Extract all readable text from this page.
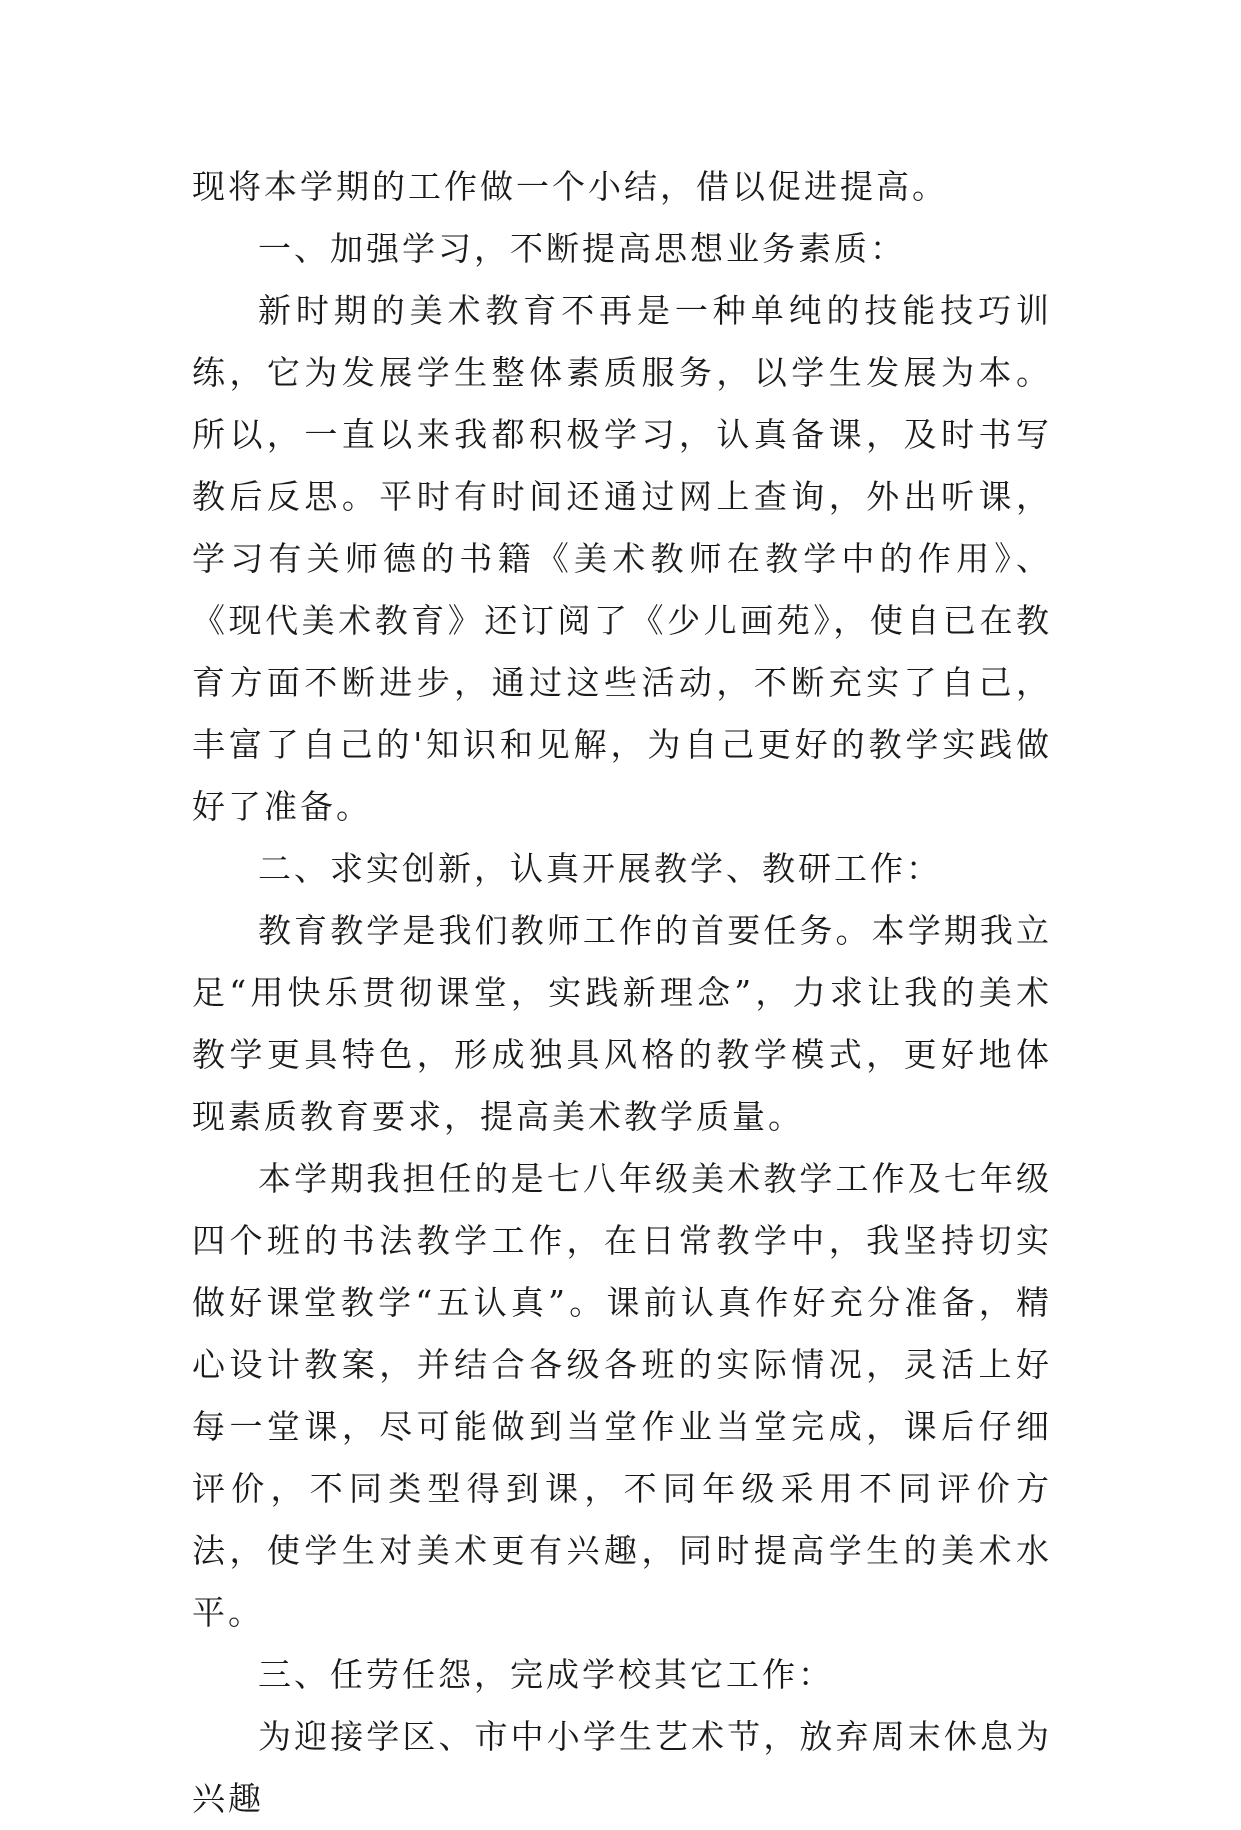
现将本学期的工作做一个小结，借以促进提高。

一、加强学习，不断提高思想业务素质：

新时期的美术教育不再是一种单纯的技能技巧训练，它为发展学生整体素质服务，以学生发展为本。所以，一直以来我都积极学习，认真备课，及时书写教后反思。平时有时间还通过网上查询，外出听课，学习有关师德的书籍《美术教师在教学中的作用》、《现代美术教育》还订阅了《少儿画苑》，使自已在教育方面不断进步，通过这些活动，不断充实了自己，丰富了自己的'知识和见解，为自己更好的教学实践做好了准备。

二、求实创新，认真开展教学、教研工作：

教育教学是我们教师工作的首要任务。本学期我立足“用快乐贯彻课堂，实践新理念”，力求让我的美术教学更具特色，形成独具风格的教学模式，更好地体现素质教育要求，提高美术教学质量。

本学期我担任的是七八年级美术教学工作及七年级四个班的书法教学工作，在日常教学中，我坚持切实做好课堂教学“五认真”。课前认真作好充分准备，精心设计教案，并结合各级各班的实际情况，灵活上好每一堂课，尽可能做到当堂作业当堂完成，课后仔细评价，不同类型得到课，不同年级采用不同评价方法，使学生对美术更有兴趣，同时提高学生的美术水平。

三、任劳任怨，完成学校其它工作：

为迎接学区、市中小学生艺术节，放弃周末休息为兴趣
